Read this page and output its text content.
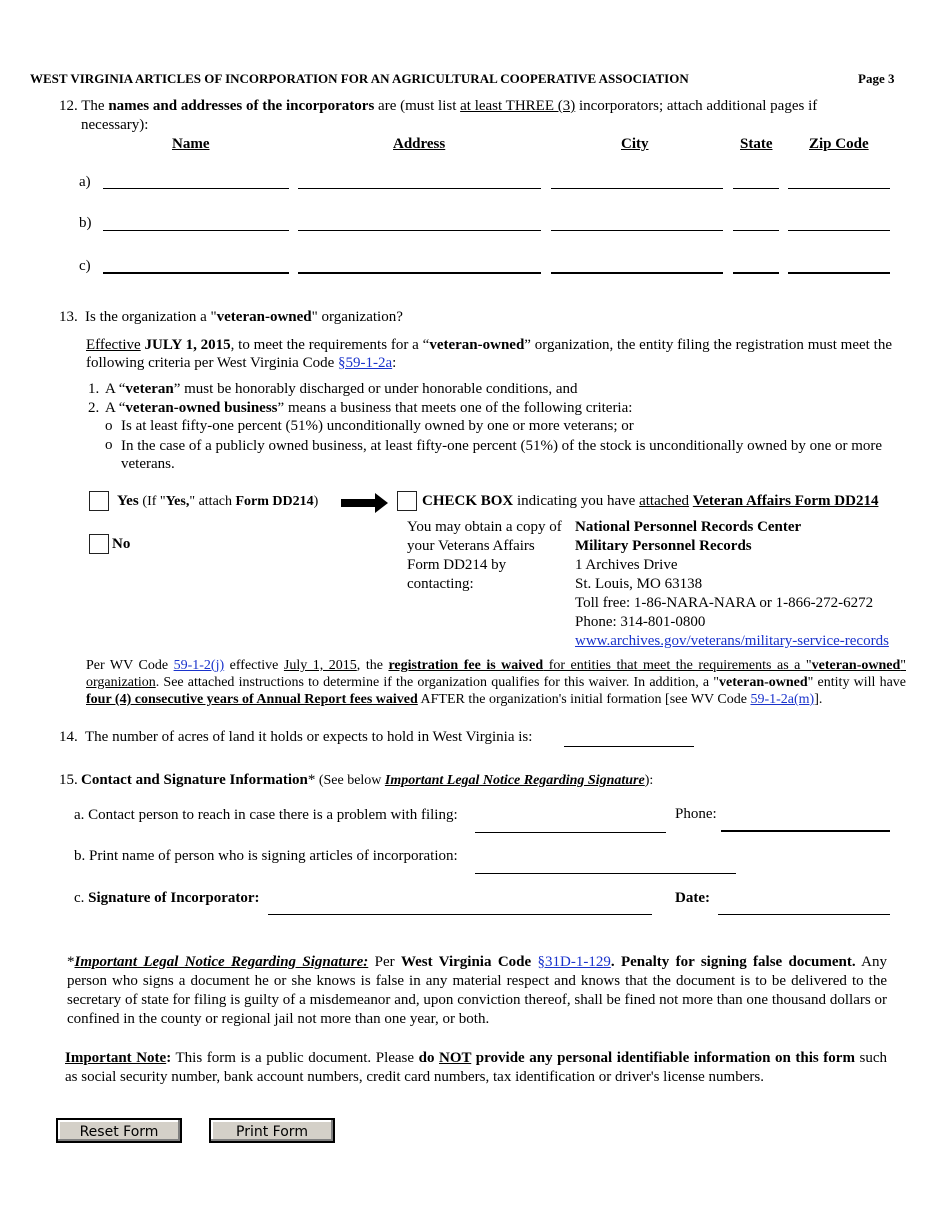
WEST VIRGINIA ARTICLES OF INCORPORATION FOR AN AGRICULTURAL COOPERATIVE ASSOCIATION	Page 3
12. The names and addresses of the incorporators are (must list at least THREE (3) incorporators; attach additional pages if
necessary):
Name	Address	City	State Zip Code
a)
b)
c)
13. Is the organization a "veteran-owned" organization?
Effective JULY 1, 2015, to meet the requirements for a “veteran-owned” organization, the entity filing the registration must meet the following criteria per West Virginia Code §59-1-2a:
1. A “veteran” must be honorably discharged or under honorable conditions, and
2. A “veteran-owned business” means a business that meets one of the following criteria:
o Is at least fifty-one percent (51%) unconditionally owned by one or more veterans; or
o In the case of a publicly owned business, at least fifty-one percent (51%) of the stock is unconditionally owned by one or more veterans.
Yes (If "Yes," attach Form DD214)	CHECK BOX indicating you have attached Veteran Affairs Form DD214
No
You may obtain a copy of your Veterans Affairs Form DD214 by contacting:
National Personnel Records Center
Military Personnel Records
1 Archives Drive
St. Louis, MO 63138
Toll free: 1-86-NARA-NARA or 1-866-272-6272
Phone: 314-801-0800
www.archives.gov/veterans/military-service-records
Per WV Code 59-1-2(j) effective July 1, 2015, the registration fee is waived for entities that meet the requirements as a "veteran-owned" organization. See attached instructions to determine if the organization qualifies for this waiver. In addition, a "veteran-owned" entity will have four (4) consecutive years of Annual Report fees waived AFTER the organization's initial formation [see WV Code 59-1-2a(m)].
14. The number of acres of land it holds or expects to hold in West Virginia is:
15. Contact and Signature Information* (See below Important Legal Notice Regarding Signature):
a. Contact person to reach in case there is a problem with filing:	Phone:
b. Print name of person who is signing articles of incorporation:
c. Signature of Incorporator:	Date:
*Important Legal Notice Regarding Signature: Per West Virginia Code §31D-1-129. Penalty for signing false document. Any person who signs a document he or she knows is false in any material respect and knows that the document is to be delivered to the secretary of state for filing is guilty of a misdemeanor and, upon conviction thereof, shall be fined not more than one thousand dollars or confined in the county or regional jail not more than one year, or both.
Important Note: This form is a public document. Please do NOT provide any personal identifiable information on this form such as social security number, bank account numbers, credit card numbers, tax identification or driver's license numbers.
Reset Form	Print Form
